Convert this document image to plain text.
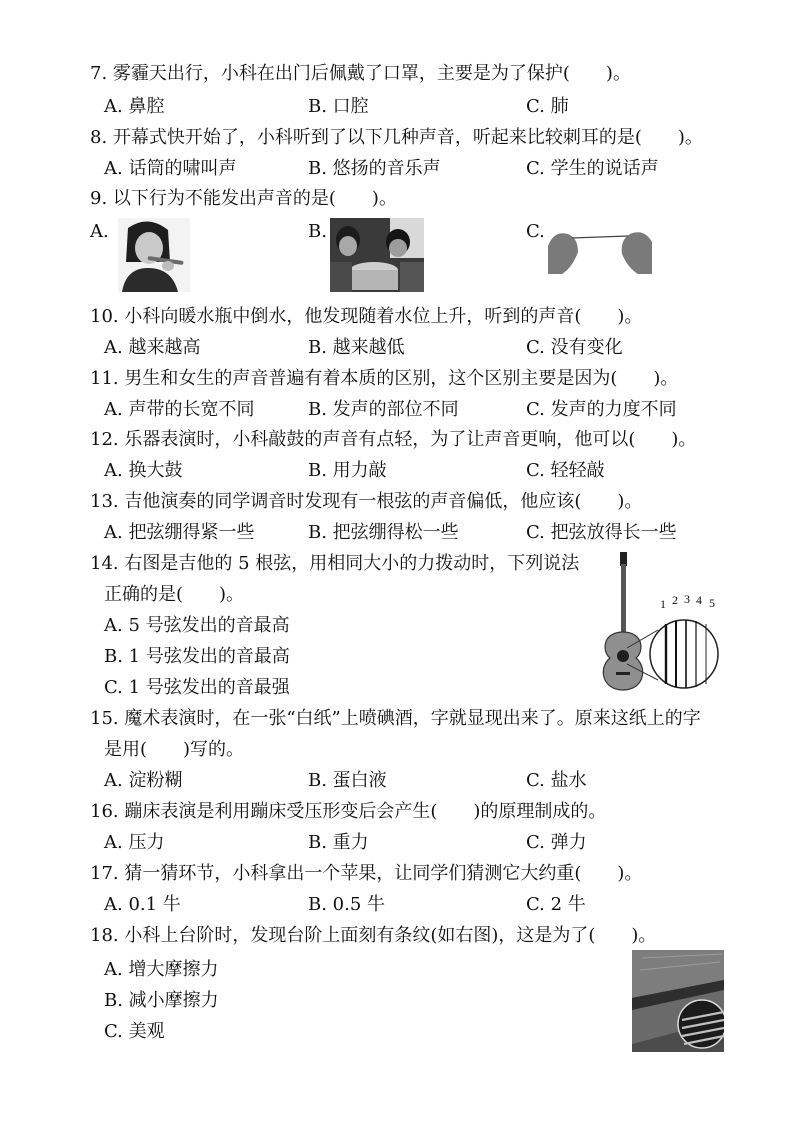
7. 雾霾天出行，小科在出门后佩戴了口罩，主要是为了保护(　　)。
A. 鼻腔	B. 口腔	C. 肺
8. 开幕式快开始了，小科听到了以下几种声音，听起来比较刺耳的是(　　)。
A. 话筒的啸叫声	B. 悠扬的音乐声	C. 学生的说话声
9. 以下行为不能发出声音的是(　　)。
A.	B.	C.
10. 小科向暖水瓶中倒水，他发现随着水位上升，听到的声音(　　)。
A. 越来越高	B. 越来越低	C. 没有变化
11. 男生和女生的声音普遍有着本质的区别，这个区别主要是因为(　　)。
A. 声带的长宽不同	B. 发声的部位不同	C. 发声的力度不同
12. 乐器表演时，小科敲鼓的声音有点轻，为了让声音更响，他可以(　　)。
A. 换大鼓	B. 用力敲	C. 轻轻敲
13. 吉他演奏的同学调音时发现有一根弦的声音偏低，他应该(　　)。
A. 把弦绷得紧一些	B. 把弦绷得松一些	C. 把弦放得长一些
14. 右图是吉他的 5 根弦，用相同大小的力拨动时，下列说法
正确的是(　　)。
A. 5 号弦发出的音最高
B. 1 号弦发出的音最高
C. 1 号弦发出的音最强
1 2 3 4 5
15. 魔术表演时，在一张“白纸”上喷碘酒，字就显现出来了。原来这纸上的字
是用(　　)写的。
A. 淀粉糊	B. 蛋白液	C. 盐水
16. 蹦床表演是利用蹦床受压形变后会产生(　　)的原理制成的。
A. 压力	B. 重力	C. 弹力
17. 猜一猜环节，小科拿出一个苹果，让同学们猜测它大约重(　　)。
A. 0.1 牛	B. 0.5 牛	C. 2 牛
18. 小科上台阶时，发现台阶上面刻有条纹(如右图)，这是为了(　　)。
A. 增大摩擦力
B. 减小摩擦力
C. 美观
